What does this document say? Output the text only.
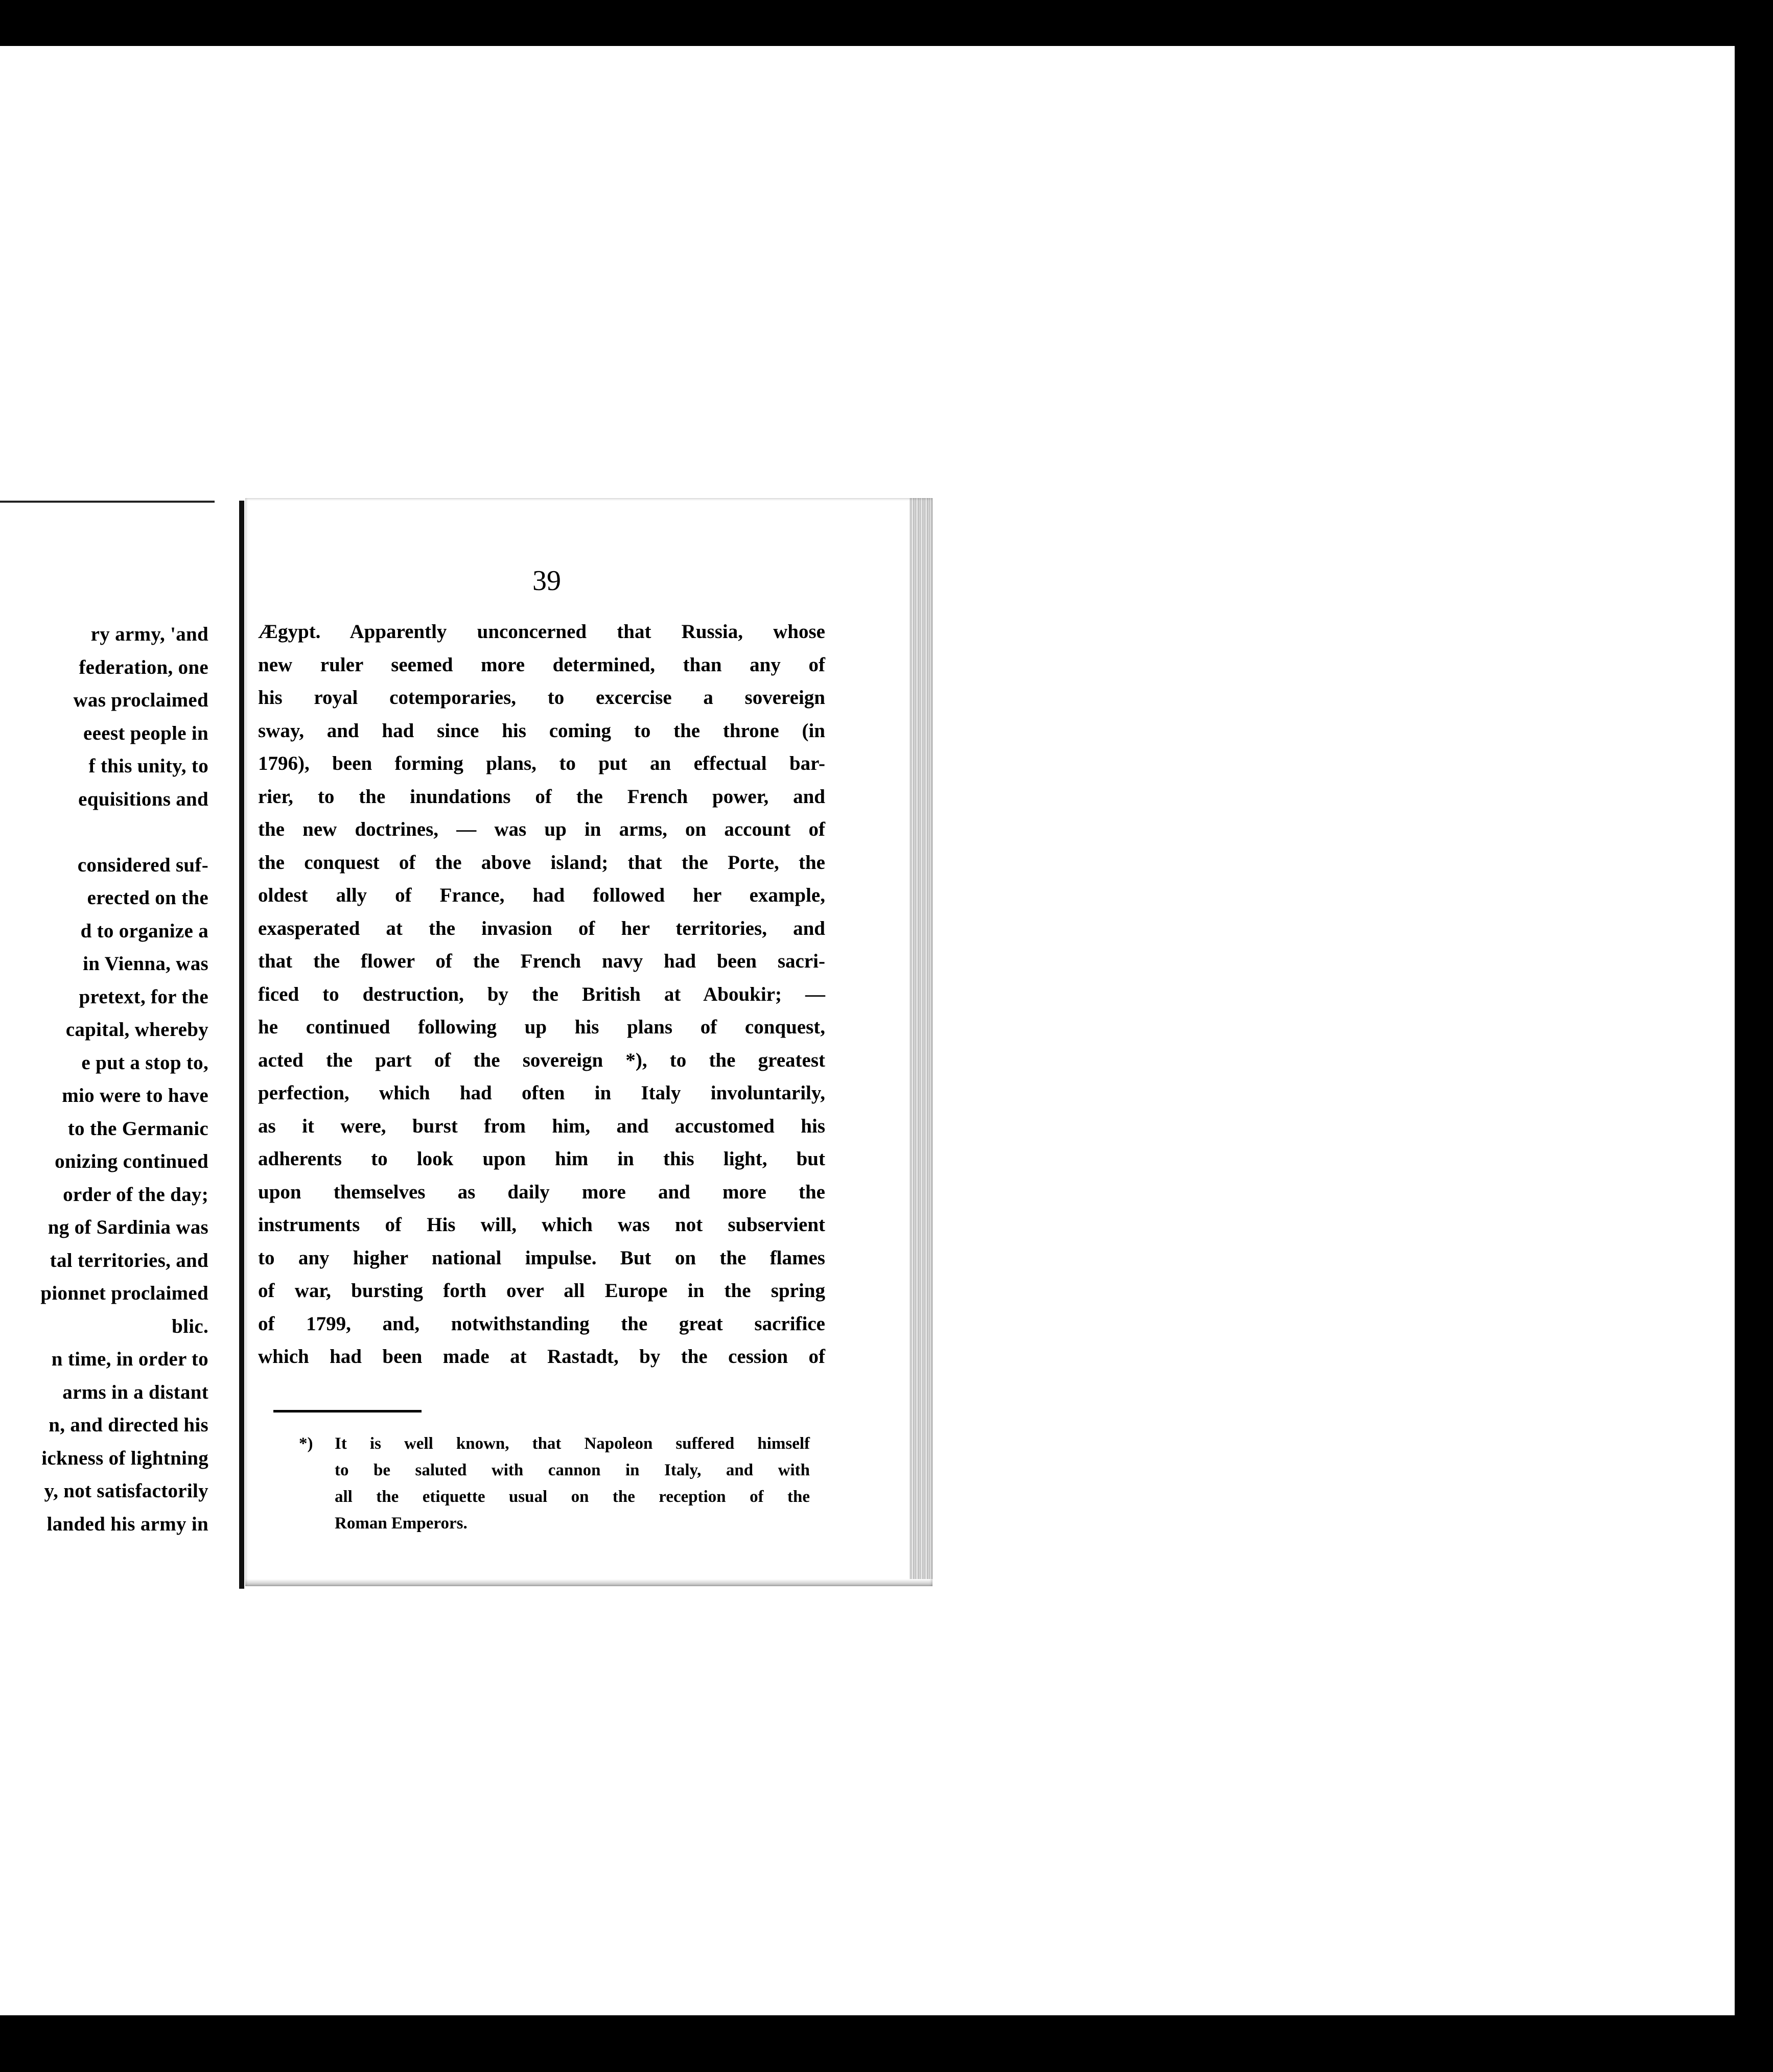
ry army, 'and
federation, one
was proclaimed
eeest people in
f this unity, to
equisitions and
considered suf-
erected on the
d to organize a
in Vienna, was
pretext, for the
capital, whereby
e put a stop to,
mio were to have
to the Germanic
onizing continued
order of the day;
ng of Sardinia was
tal territories, and
pionnet proclaimed
blic.
n time, in order to
arms in a distant
n, and directed his
ickness of lightning
y, not satisfactorily
landed his army in
39
Ægypt. Apparently unconcerned that Russia, whose
new ruler seemed more determined, than any of
his royal cotemporaries, to excercise a sovereign
sway, and had since his coming to the throne (in
1796), been forming plans, to put an effectual bar-
rier, to the inundations of the French power, and
the new doctrines, — was up in arms, on account of
the conquest of the above island; that the Porte, the
oldest ally of France, had followed her example,
exasperated at the invasion of her territories, and
that the flower of the French navy had been sacri-
ficed to destruction, by the British at Aboukir; —
he continued following up his plans of conquest,
acted the part of the sovereign *), to the greatest
perfection, which had often in Italy involuntarily,
as it were, burst from him, and accustomed his
adherents to look upon him in this light, but
upon themselves as daily more and more the
instruments of His will, which was not subservient
to any higher national impulse. But on the flames
of war, bursting forth over all Europe in the spring
of 1799, and, notwithstanding the great sacrifice
which had been made at Rastadt, by the cession of
*) It is well known, that Napoleon suffered himself
to be saluted with cannon in Italy, and with
all the etiquette usual on the reception of the
Roman Emperors.
